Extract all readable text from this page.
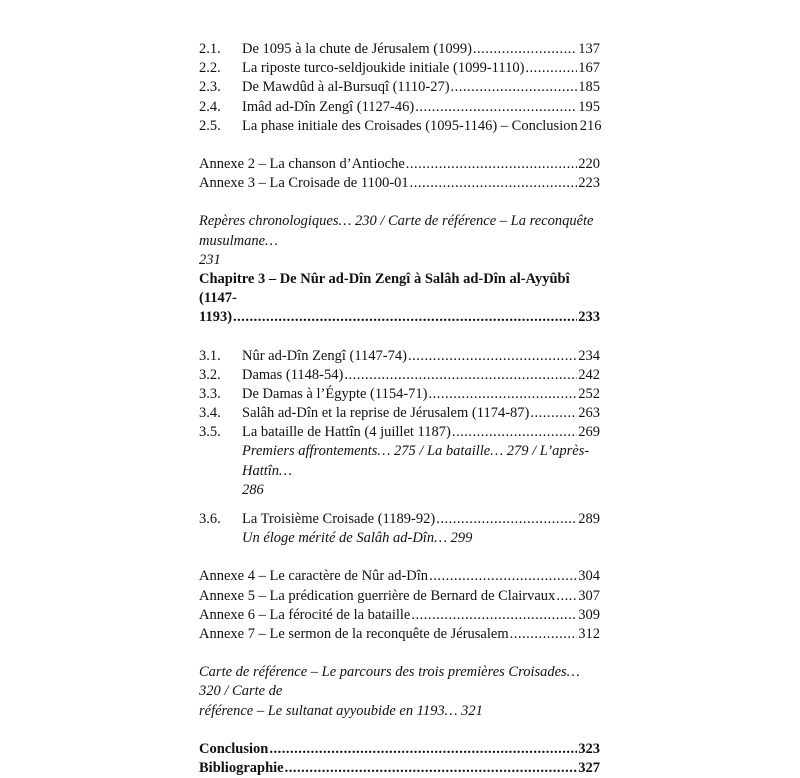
2.1.	De 1095 à la chute de Jérusalem (1099) .....	137
2.2.	La riposte turco-seldjoukide initiale (1099-1110) .....	167
2.3.	De Mawdûd à al-Bursuqî (1110-27) .....	185
2.4.	Imâd ad-Dîn Zengî (1127-46) .....	195
2.5.	La phase initiale des Croisades (1095-1146) – Conclusion 216
Annexe 2 – La chanson d’Antioche .....	220
Annexe 3 – La Croisade de 1100-01 .....	223
Repères chronologiques… 230 / Carte de référence – La reconquête musulmane…
231
Chapitre 3 – De Nûr ad-Dîn Zengî à Salâh ad-Dîn al-Ayyûbî (1147-
1193) .....	233
3.1.	Nûr ad-Dîn Zengî (1147-74) .....	234
3.2.	Damas (1148-54) .....	242
3.3.	De Damas à l’Égypte (1154-71) .....	252
3.4.	Salâh ad-Dîn et la reprise de Jérusalem (1174-87) .....	263
3.5.	La bataille de Hattîn (4 juillet 1187) .....	269
Premiers affrontements… 275 / La bataille… 279 / L’après-Hattîn…
286
3.6.	La Troisième Croisade (1189-92) .....	289
Un éloge mérité de Salâh ad-Dîn… 299
Annexe 4 – Le caractère de Nûr ad-Dîn .....	304
Annexe 5 – La prédication guerrière de Bernard de Clairvaux ..... 307
Annexe 6 – La férocité de la bataille .....	309
Annexe 7 – Le sermon de la reconquête de Jérusalem .....	312
Carte de référence – Le parcours des trois premières Croisades… 320 / Carte de
référence – Le sultanat ayyoubide en 1193… 321
Conclusion .....	323
Bibliographie .....	327
